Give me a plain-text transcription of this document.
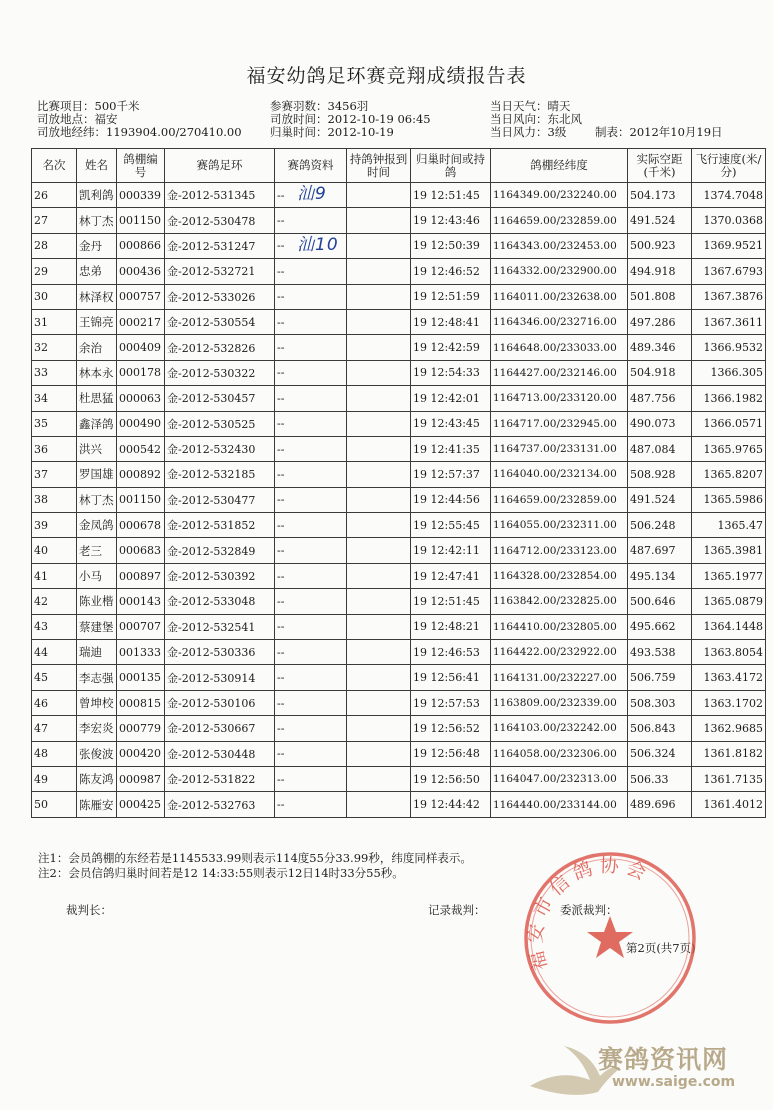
福安幼鸽足环赛竞翔成绩报告表
比赛项目：500千米
司放地点：福安
司放地经纬：1193904.00/270410.00
参赛羽数：3456羽
司放时间：2012-10-19 06:45
归巢时间：2012-10-19
当日天气：晴天
当日风向：东北风
当日风力：3级 制表：2012年10月19日
名次	姓名	鸽棚编号	赛鸽足环	赛鸽资料	持鸽钟报到时间	归巢时间或持鸽	鸽棚经纬度	实际空距(千米)	飞行速度(米/分)
26	凯利鸽	000339	金-2012-531345	-- 汕9		19 12:51:45	1164349.00/232240.00	504.173	1374.7048
27	林丁杰	001150	金-2012-530478	--		19 12:43:46	1164659.00/232859.00	491.524	1370.0368
28	金丹	000866	金-2012-531247	-- 汕10		19 12:50:39	1164343.00/232453.00	500.923	1369.9521
29	忠弟	000436	金-2012-532721	--		19 12:46:52	1164332.00/232900.00	494.918	1367.6793
30	林泽权	000757	金-2012-533026	--		19 12:51:59	1164011.00/232638.00	501.808	1367.3876
31	王锦亮	000217	金-2012-530554	--		19 12:48:41	1164346.00/232716.00	497.286	1367.3611
32	余治	000409	金-2012-532826	--		19 12:42:59	1164648.00/233033.00	489.346	1366.9532
33	林本永	000178	金-2012-530322	--		19 12:54:33	1164427.00/232146.00	504.918	1366.305
34	杜思猛	000063	金-2012-530457	--		19 12:42:01	1164713.00/233120.00	487.756	1366.1982
35	鑫泽鸽	000490	金-2012-530525	--		19 12:43:45	1164717.00/232945.00	490.073	1366.0571
36	洪兴	000542	金-2012-532430	--		19 12:41:35	1164737.00/233131.00	487.084	1365.9765
37	罗国雄	000892	金-2012-532185	--		19 12:57:37	1164040.00/232134.00	508.928	1365.8207
38	林丁杰	001150	金-2012-530477	--		19 12:44:56	1164659.00/232859.00	491.524	1365.5986
39	金凤鸽	000678	金-2012-531852	--		19 12:55:45	1164055.00/232311.00	506.248	1365.47
40	老三	000683	金-2012-532849	--		19 12:42:11	1164712.00/233123.00	487.697	1365.3981
41	小马	000897	金-2012-530392	--		19 12:47:41	1164328.00/232854.00	495.134	1365.1977
42	陈业楷	000143	金-2012-533048	--		19 12:51:45	1163842.00/232825.00	500.646	1365.0879
43	蔡建堡	000707	金-2012-532541	--		19 12:48:21	1164410.00/232805.00	495.662	1364.1448
44	瑞迪	001333	金-2012-530336	--		19 12:46:53	1164422.00/232922.00	493.538	1363.8054
45	李志强	000135	金-2012-530914	--		19 12:56:41	1164131.00/232227.00	506.759	1363.4172
46	曾坤校	000815	金-2012-530106	--		19 12:57:53	1163809.00/232339.00	508.303	1363.1702
47	李宏炎	000779	金-2012-530667	--		19 12:56:52	1164103.00/232242.00	506.843	1362.9685
48	张俊波	000420	金-2012-530448	--		19 12:56:48	1164058.00/232306.00	506.324	1361.8182
49	陈友鸿	000987	金-2012-531822	--		19 12:56:50	1164047.00/232313.00	506.33	1361.7135
50	陈雁安	000425	金-2012-532763	--		19 12:44:42	1164440.00/233144.00	489.696	1361.4012
注1：会员鸽棚的东经若是1145533.99则表示114度55分33.99秒，纬度同样表示。
注2：会员信鸽归巢时间若是12 14:33:55则表示12日14时33分55秒。
裁判长：	记录裁判：	委派裁判：
第2页(共7页)
福安市信鸽协会
赛鸽资讯网
www.saige.com
